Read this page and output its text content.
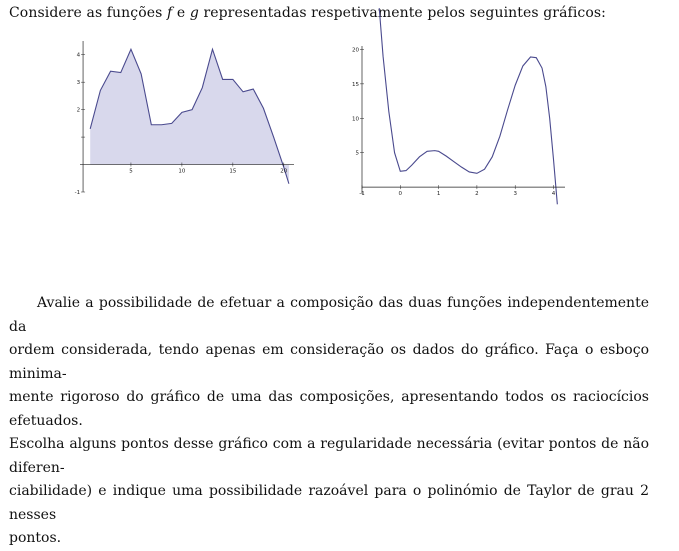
Considere as funções f e g representadas respetivamente pelos seguintes gráficos:
5	10	15	20
-1
2
3
4
-1	0	1	2	3	4
5
10
15
20
Avalie a possibilidade de efetuar a composição das duas funções independentemente da
ordem considerada, tendo apenas em consideração os dados do gráfico. Faça o esboço minima-
mente rigoroso do gráfico de uma das composições, apresentando todos os raciocícios efetuados.
Escolha alguns pontos desse gráfico com a regularidade necessária (evitar pontos de não diferen-
ciabilidade) e indique uma possibilidade razoável para o polinómio de Taylor de grau 2 nesses
pontos.
